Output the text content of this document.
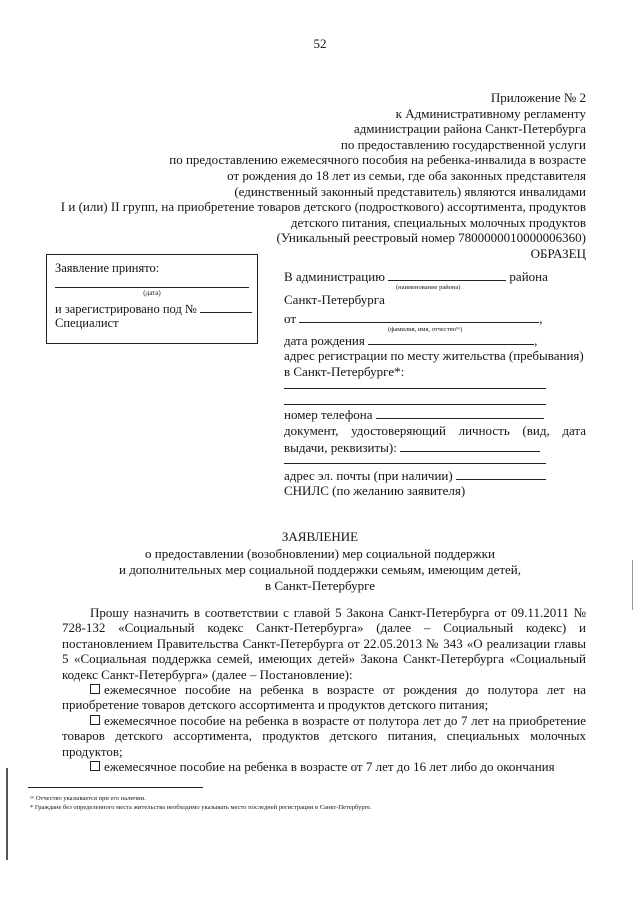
52
Приложение № 2
к Административному регламенту
администрации района Санкт-Петербурга
по предоставлению государственной услуги
по предоставлению ежемесячного пособия на ребенка-инвалида в возрасте
от рождения до 18 лет из семьи, где оба законных представителя
(единственный законный представитель) являются инвалидами
I и (или) II групп, на приобретение товаров детского (подросткового) ассортимента, продуктов
детского питания, специальных молочных продуктов
(Уникальный реестровый номер 7800000010000006360)
ОБРАЗЕЦ
Заявление принято:
(дата)
и зарегистрировано под №
Специалист
В администрацию	района
(наименование района)
Санкт-Петербурга
от	,
(фамилия, имя, отчество¹⁶)
дата рождения	,
адрес регистрации по месту жительства (пребывания)
в Санкт-Петербурге*:
номер телефона
документ, удостоверяющий личность (вид, дата
выдачи, реквизиты):
адрес эл. почты (при наличии)
СНИЛС (по желанию заявителя)
ЗАЯВЛЕНИЕ
о предоставлении (возобновлении) мер социальной поддержки
и дополнительных мер социальной поддержки семьям, имеющим детей,
в Санкт-Петербурге

Прошу назначить в соответствии с главой 5 Закона Санкт-Петербурга от 09.11.2011 № 728-132 «Социальный кодекс Санкт-Петербурга» (далее – Социальный кодекс) и постановлением Правительства Санкт-Петербурга от 22.05.2013 № 343 «О реализации главы 5 «Социальная поддержка семей, имеющих детей» Закона Санкт-Петербурга «Социальный кодекс Санкт-Петербурга» (далее – Постановление):

ежемесячное пособие на ребенка в возрасте от рождения до полутора лет на приобретение товаров детского ассортимента и продуктов детского питания;

ежемесячное пособие на ребенка в возрасте от полутора лет до 7 лет на приобретение товаров детского ассортимента, продуктов детского питания, специальных молочных продуктов;

ежемесячное пособие на ребенка в возрасте от 7 лет до 16 лет либо до окончания

¹⁶ Отчество указывается при его наличии.
* Граждане без определенного места жительства необходимо указывать место последней регистрации в Санкт-Петербурге.
